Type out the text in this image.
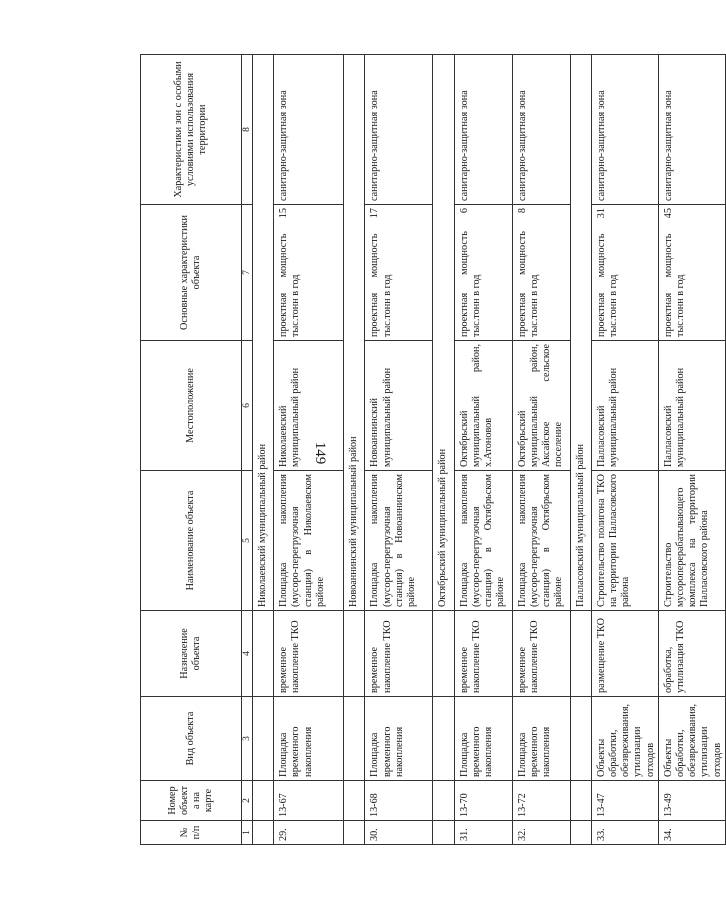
149
№ п/п	Номер объекта на карте	Вид объекта	Назначение объекта	Наименование объекта	Местоположение	Основные характеристики объекта	Характеристики зон с особыми условиями использования территории
1	2	3	4	5	6	7	8
				Николаевский муниципальный район			
29.	13-67	Площадка временного накопления	временное накопление ТКО	Площадка накопления (мусоро-перегрузочная станция) в Николаевском районе	Николаевский муниципальный район	проектная мощность 15 тыс.тонн в год	санитарно-защитная зона
				Новоаннинский муниципальный район			
30.	13-68	Площадка временного накопления	временное накопление ТКО	Площадка накопления (мусоро-перегрузочная станция) в Новоаннинском районе	Новоаннинский муниципальный район	проектная мощность 17 тыс.тонн в год	санитарно-защитная зона
				Октябрьский муниципальный район			
31.	13-70	Площадка временного накопления	временное накопление ТКО	Площадка накопления (мусоро-перегрузочная станция) в Октябрьском районе	Октябрьский муниципальный район, х.Атоновов	проектная мощность 6 тыс.тонн в год	санитарно-защитная зона
32.	13-72	Площадка временного накопления	временное накопление ТКО	Площадка накопления (мусоро-перегрузочная станция) в Октябрьском районе	Октябрьский муниципальный район, Аксайское сельское поселение	проектная мощность 8 тыс.тонн в год	санитарно-защитная зона
				Палласовский муниципальный район			
33.	13-47	Объекты обработки, обезвреживания, утилизации отходов	размещение ТКО	Строительство полигона ТКО на территории Палласовского района	Палласовский муниципальный район	проектная мощность 31 тыс.тонн в год	санитарно-защитная зона
34.	13-49	Объекты обработки, обезвреживания, утилизации отходов	обработка, утилизация ТКО	Строительство мусороперерабатывающего комплекса на территории Палласовского района	Палласовский муниципальный район	проектная мощность 45 тыс.тонн в год	санитарно-защитная зона
